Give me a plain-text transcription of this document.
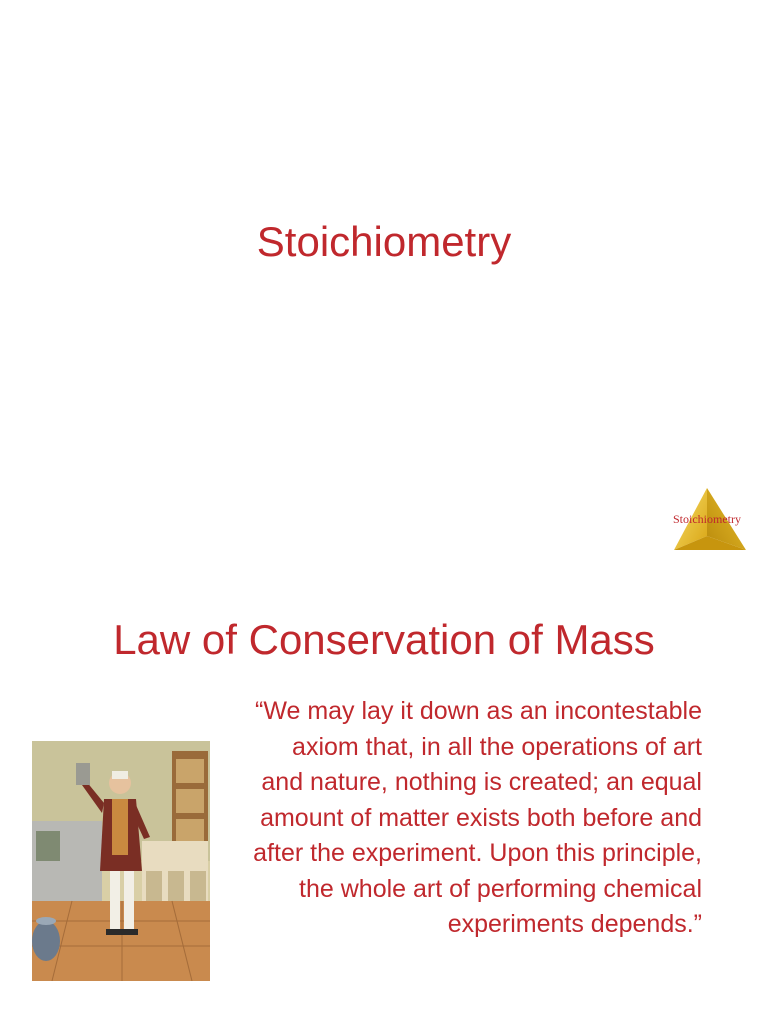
Stoichiometry
Stoichiometry
Law of Conservation of Mass

“We may lay it down as an incontestable axiom that, in all the operations of art and nature, nothing is created; an equal amount of matter exists both before and after the experiment. Upon this principle, the whole art of performing chemical experiments depends.”
